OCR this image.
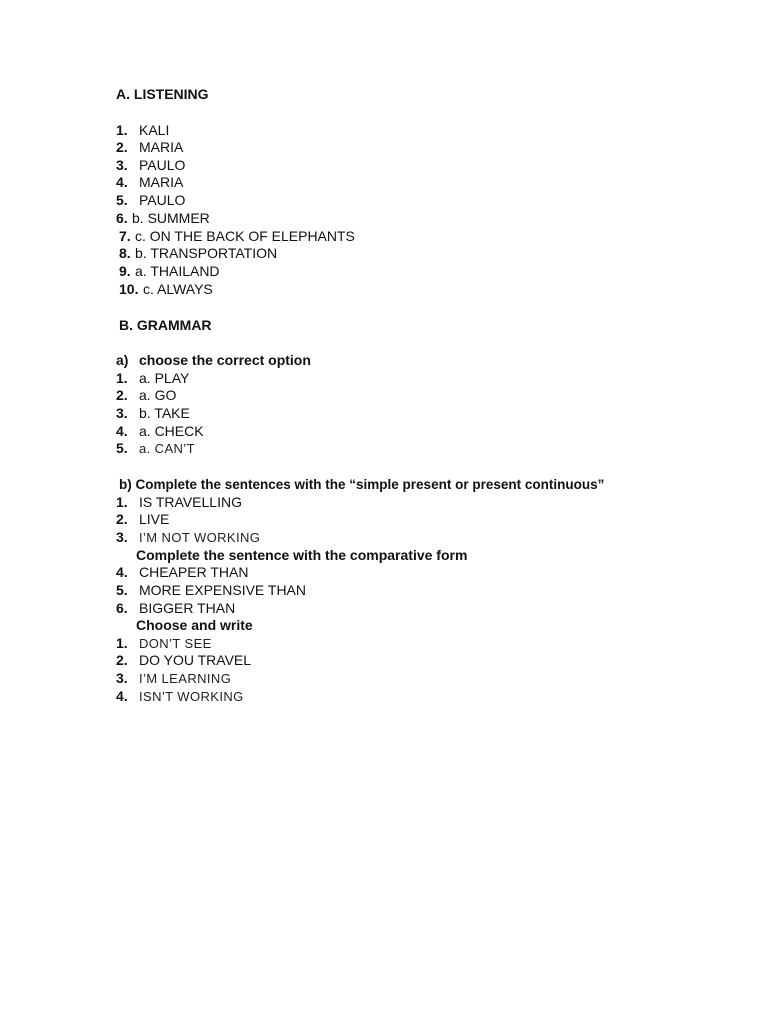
A. LISTENING
1. KALI
2. MARIA
3. PAULO
4. MARIA
5. PAULO
6. b. SUMMER
7. c. ON THE BACK OF ELEPHANTS
8. b. TRANSPORTATION
9. a. THAILAND
10. c. ALWAYS
B. GRAMMAR
a) choose the correct option
1. a. PLAY
2. a. GO
3. b. TAKE
4. a. CHECK
5. a. CAN’T
b) Complete the sentences with the “simple present or present continuous”
1. IS TRAVELLING
2. LIVE
3. I’M NOT WORKING
Complete the sentence with the comparative form
4. CHEAPER THAN
5. MORE EXPENSIVE THAN
6. BIGGER THAN
Choose and write
1. DON’T SEE
2. DO YOU TRAVEL
3. I’M LEARNING
4. ISN’T WORKING
